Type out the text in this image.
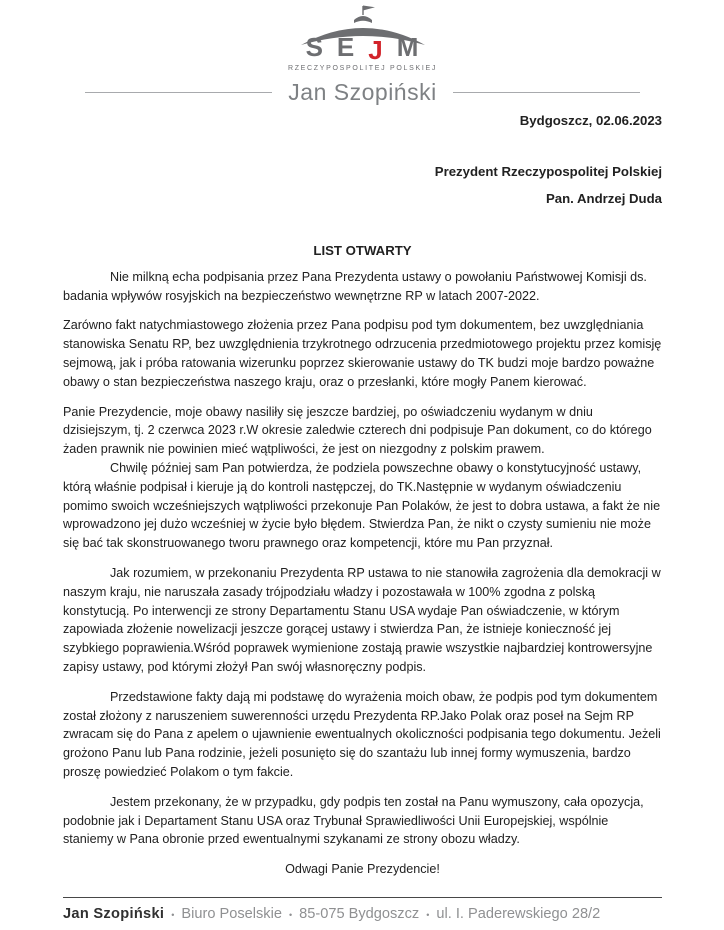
S E J M
RZECZYPOSPOLITEJ POLSKIEJ
Jan Szopiński
Bydgoszcz, 02.06.2023

Prezydent Rzeczypospolitej Polskiej

Pan. Andrzej Duda

LIST OTWARTY

Nie milkną echa podpisania przez Pana Prezydenta ustawy o powołaniu Państwowej Komisji ds. badania wpływów rosyjskich na bezpieczeństwo wewnętrzne RP w latach 2007-2022.

Zarówno fakt natychmiastowego złożenia przez Pana podpisu pod tym dokumentem, bez uwzględniania stanowiska Senatu RP, bez uwzględnienia trzykrotnego odrzucenia przedmiotowego projektu przez komisję sejmową, jak i próba ratowania wizerunku poprzez skierowanie ustawy do TK budzi moje bardzo poważne obawy o stan bezpieczeństwa naszego kraju, oraz o przesłanki, które mogły Panem kierować.

Panie Prezydencie, moje obawy nasiliły się jeszcze bardziej, po oświadczeniu wydanym w dniu dzisiejszym, tj. 2 czerwca 2023 r.W okresie zaledwie czterech dni podpisuje Pan dokument, co do którego żaden prawnik nie powinien mieć wątpliwości, że jest on niezgodny z polskim prawem.

Chwilę później sam Pan potwierdza, że podziela powszechne obawy o konstytucyjność ustawy, którą właśnie podpisał i kieruje ją do kontroli następczej, do TK.Następnie w wydanym oświadczeniu pomimo swoich wcześniejszych wątpliwości przekonuje Pan Polaków, że jest to dobra ustawa, a fakt że nie wprowadzono jej dużo wcześniej w życie było błędem. Stwierdza Pan, że nikt o czysty sumieniu nie może się bać tak skonstruowanego tworu prawnego oraz kompetencji, które mu Pan przyznał.

Jak rozumiem, w przekonaniu Prezydenta RP ustawa to nie stanowiła zagrożenia dla demokracji w naszym kraju, nie naruszała zasady trójpodziału władzy i pozostawała w 100% zgodna z polską konstytucją. Po interwencji ze strony Departamentu Stanu USA wydaje Pan oświadczenie, w którym zapowiada złożenie nowelizacji jeszcze gorącej ustawy i stwierdza Pan, że istnieje konieczność jej szybkiego poprawienia.Wśród poprawek wymienione zostają prawie wszystkie najbardziej kontrowersyjne zapisy ustawy, pod którymi złożył Pan swój własnoręczny podpis.

Przedstawione fakty dają mi podstawę do wyrażenia moich obaw, że podpis pod tym dokumentem został złożony z naruszeniem suwerenności urzędu Prezydenta RP.Jako Polak oraz poseł na Sejm RP zwracam się do Pana z apelem o ujawnienie ewentualnych okoliczności podpisania tego dokumentu. Jeżeli grożono Panu lub Pana rodzinie, jeżeli posunięto się do szantażu lub innej formy wymuszenia, bardzo proszę powiedzieć Polakom o tym fakcie.

Jestem przekonany, że w przypadku, gdy podpis ten został na Panu wymuszony, cała opozycja, podobnie jak i Departament Stanu USA oraz Trybunał Sprawiedliwości Unii Europejskiej, wspólnie staniemy w Pana obronie przed ewentualnymi szykanami ze strony obozu władzy.

Odwagi Panie Prezydencie!

Jan Szopiński • Biuro Poselskie • 85-075 Bydgoszcz • ul. I. Paderewskiego 28/2
